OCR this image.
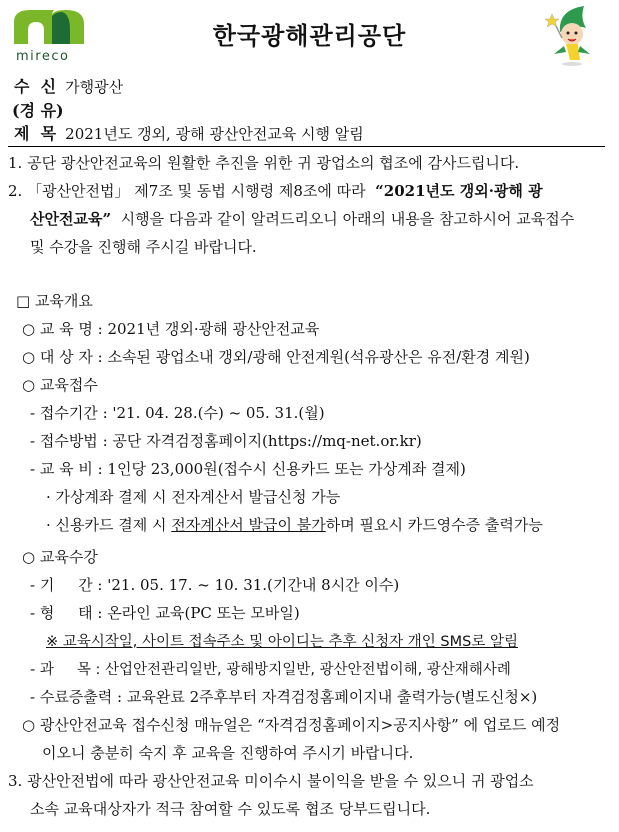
mireco
한국광해관리공단
수  신 가행광산
(경 유)
제  목 2021년도 갱외, 광해 광산안전교육 시행 알림
1. 공단 광산안전교육의 원활한 추진을 위한 귀 광업소의 협조에 감사드립니다.
2. 「광산안전법」 제7조 및 동법 시행령 제8조에 따라  “2021년도 갱외·광해 광
산안전교육”  시행을 다음과 같이 알려드리오니 아래의 내용을 참고하시어 교육접수
및 수강을 진행해 주시길 바랍니다.
□ 교육개요
○ 교 육 명 : 2021년 갱외·광해 광산안전교육
○ 대 상 자 : 소속된 광업소내 갱외/광해 안전계원(석유광산은 유전/환경 계원)
○ 교육접수
- 접수기간 : '21. 04. 28.(수) ~ 05. 31.(월)
- 접수방법 : 공단 자격검정홈페이지(https://mq-net.or.kr)
- 교 육 비 : 1인당 23,000원(접수시 신용카드 또는 가상계좌 결제)
· 가상계좌 결제 시 전자계산서 발급신청 가능
· 신용카드 결제 시 전자계산서 발급이 불가하며 필요시 카드영수증 출력가능
○ 교육수강
- 기     간 : '21. 05. 17. ~ 10. 31.(기간내 8시간 이수)
- 형     태 : 온라인 교육(PC 또는 모바일)
※ 교육시작일, 사이트 접속주소 및 아이디는 추후 신청자 개인 SMS로 알림
- 과     목 : 산업안전관리일반, 광해방지일반, 광산안전법이해, 광산재해사례
- 수료증출력 : 교육완료 2주후부터 자격검정홈페이지내 출력가능(별도신청×)
○ 광산안전교육 접수신청 매뉴얼은 “자격검정홈페이지>공지사항” 에 업로드 예정
이오니 충분히 숙지 후 교육을 진행하여 주시기 바랍니다.
3. 광산안전법에 따라 광산안전교육 미이수시 불이익을 받을 수 있으니 귀 광업소
소속 교육대상자가 적극 참여할 수 있도록 협조 당부드립니다.
